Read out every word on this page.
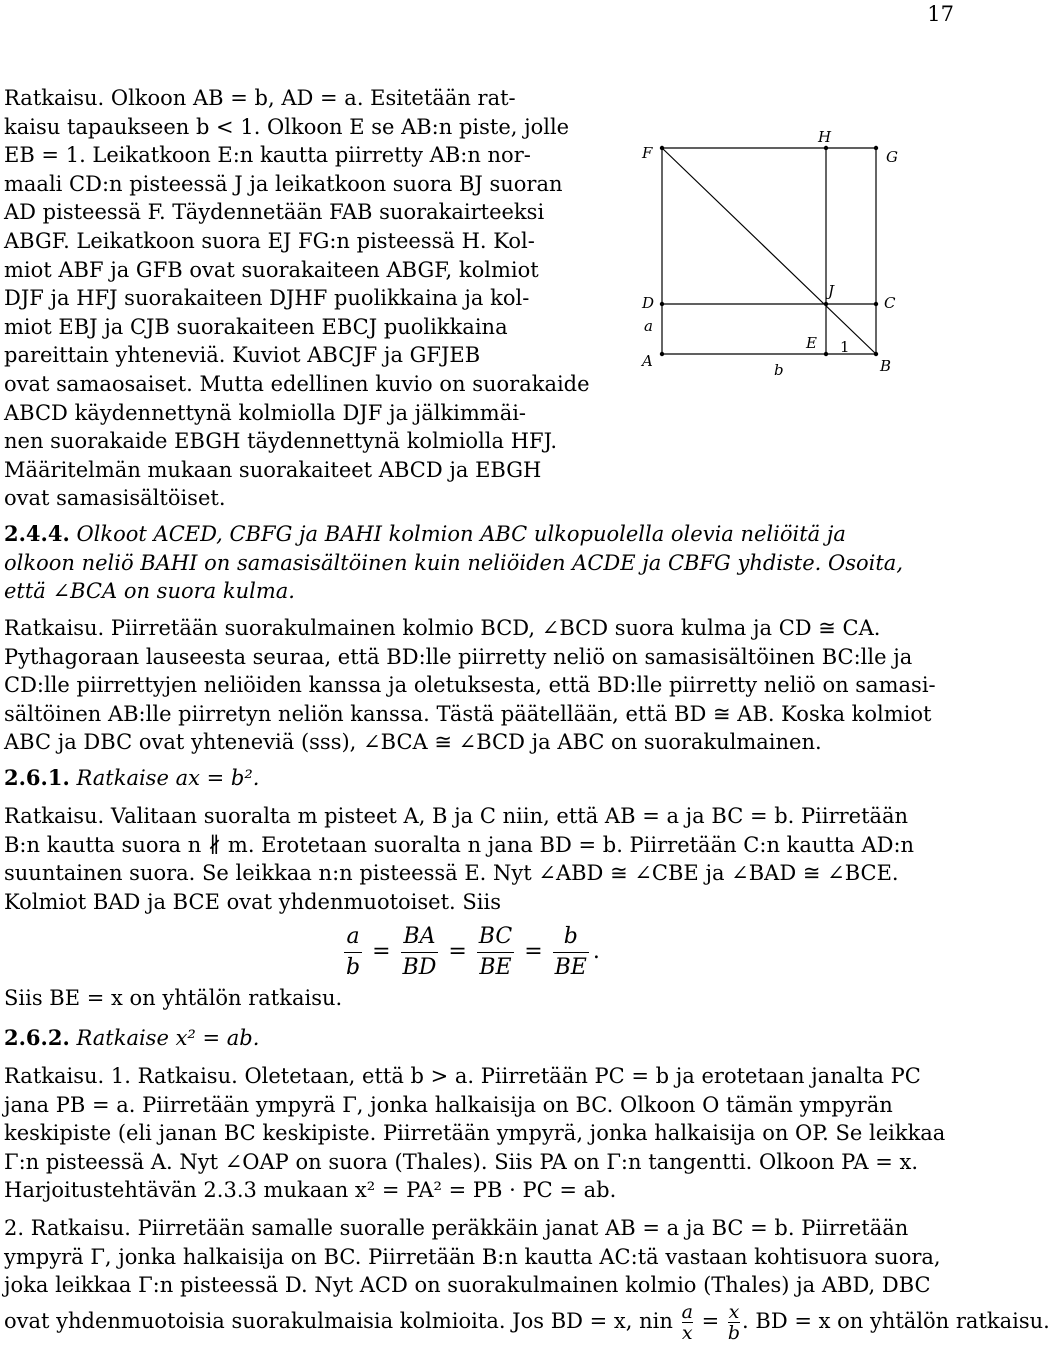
17
Ratkaisu. Olkoon AB = b, AD = a. Esitetään rat-
kaisu tapaukseen b < 1. Olkoon E se AB:n piste, jolle
EB = 1. Leikatkoon E:n kautta piirretty AB:n nor-
maali CD:n pisteessä J ja leikatkoon suora BJ suoran
AD pisteessä F. Täydennetään FAB suorakairteeksi
ABGF. Leikatkoon suora EJ FG:n pisteessä H. Kol-
miot ABF ja GFB ovat suorakaiteen ABGF, kolmiot
DJF ja HFJ suorakaiteen DJHF puolikkaina ja kol-
miot EBJ ja CJB suorakaiteen EBCJ puolikkaina
pareittain yhteneviä. Kuviot ABCJF ja GFJEB
ovat samaosaiset. Mutta edellinen kuvio on suorakaide
ABCD käydennettynä kolmiolla DJF ja jälkimmäi-
nen suorakaide EBGH täydennettynä kolmiolla HFJ.
Määritelmän mukaan suorakaiteet ABCD ja EBGH
ovat samasisältöiset.
F
H
G
D
J
C
a
E 1
A	b	B
2.4.4. Olkoot ACED, CBFG ja BAHI kolmion ABC ulkopuolella olevia neliöitä ja
olkoon neliö BAHI on samasisältöinen kuin neliöiden ACDE ja CBFG yhdiste. Osoita,
että ∠BCA on suora kulma.
Ratkaisu. Piirretään suorakulmainen kolmio BCD, ∠BCD suora kulma ja CD ≅ CA.
Pythagoraan lauseesta seuraa, että BD:lle piirretty neliö on samasisältöinen BC:lle ja
CD:lle piirrettyjen neliöiden kanssa ja oletuksesta, että BD:lle piirretty neliö on samasi-
sältöinen AB:lle piirretyn neliön kanssa. Tästä päätellään, että BD ≅ AB. Koska kolmiot
ABC ja DBC ovat yhteneviä (sss), ∠BCA ≅ ∠BCD ja ABC on suorakulmainen.
2.6.1. Ratkaise ax = b².
Ratkaisu. Valitaan suoralta m pisteet A, B ja C niin, että AB = a ja BC = b. Piirretään
B:n kautta suora n ∦ m. Erotetaan suoralta n jana BD = b. Piirretään C:n kautta AD:n
suuntainen suora. Se leikkaa n:n pisteessä E. Nyt ∠ABD ≅ ∠CBE ja ∠BAD ≅ ∠BCE.
Kolmiot BAD ja BCE ovat yhdenmuotoiset. Siis
$\frac{a}{b} = \frac{BA}{BD} = \frac{BC}{BE} = \frac{b}{BE}$ .
Siis BE = x on yhtälön ratkaisu.
2.6.2. Ratkaise x² = ab.
Ratkaisu. 1. Ratkaisu. Oletetaan, että b > a. Piirretään PC = b ja erotetaan janalta PC
jana PB = a. Piirretään ympyrä Γ, jonka halkaisija on BC. Olkoon O tämän ympyrän
keskipiste (eli janan BC keskipiste. Piirretään ympyrä, jonka halkaisija on OP. Se leikkaa
Γ:n pisteessä A. Nyt ∠OAP on suora (Thales). Siis PA on Γ:n tangentti. Olkoon PA = x.
Harjoitustehtävän 2.3.3 mukaan x² = PA² = PB · PC = ab.
2. Ratkaisu. Piirretään samalle suoralle peräkkäin janat AB = a ja BC = b. Piirretään
ympyrä Γ, jonka halkaisija on BC. Piirretään B:n kautta AC:tä vastaan kohtisuora suora,
joka leikkaa Γ:n pisteessä D. Nyt ACD on suorakulmainen kolmio (Thales) ja ABD, DBC
ovat yhdenmuotoisia suorakulmaisia kolmioita. Jos BD = x, nin $\frac{a}{x} = \frac{x}{b}$ . BD = x on yhtälön ratkaisu.
